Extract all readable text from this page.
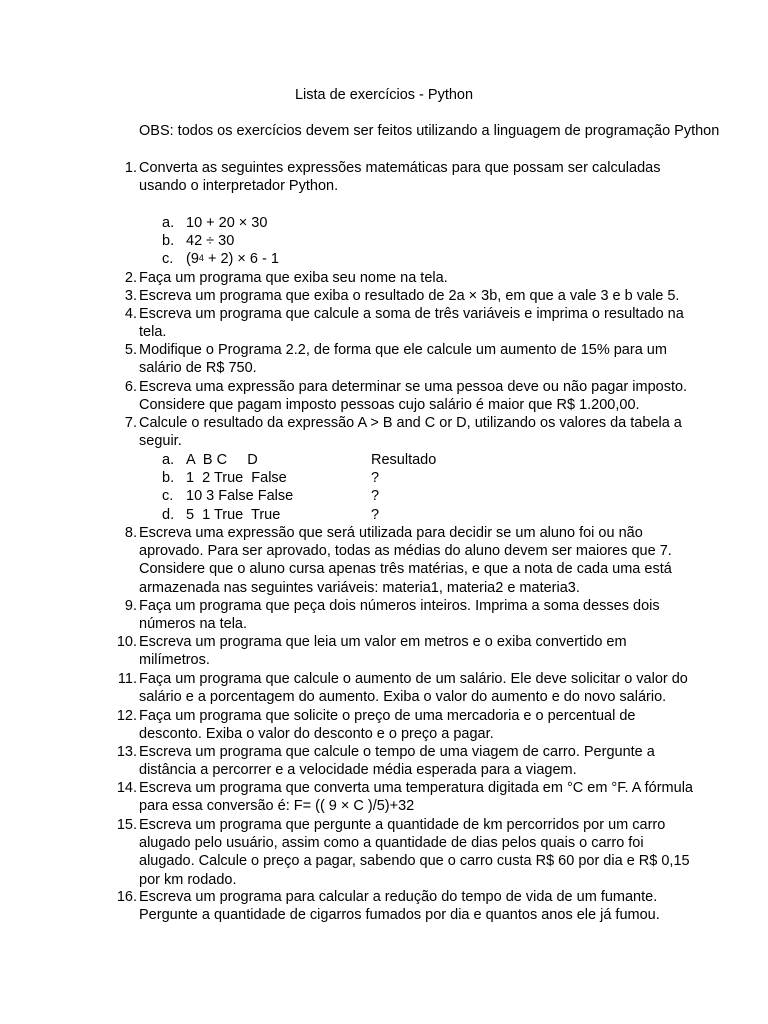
Lista de exercícios - Python
OBS: todos os exercícios devem ser feitos utilizando a linguagem de programação Python
1. Converta as seguintes expressões matemáticas para que possam ser calculadas
usando o interpretador Python.
a. 10 + 20 × 30
b. 42 ÷ 30
c. $(9^4 + 2) \times 6 - 1$
2. Faça um programa que exiba seu nome na tela.
3. Escreva um programa que exiba o resultado de 2a × 3b, em que a vale 3 e b vale 5.
4. Escreva um programa que calcule a soma de três variáveis e imprima o resultado na
tela.
5. Modifique o Programa 2.2, de forma que ele calcule um aumento de 15% para um
salário de R$ 750.
6. Escreva uma expressão para determinar se uma pessoa deve ou não pagar imposto.
Considere que pagam imposto pessoas cujo salário é maior que R$ 1.200,00.
7. Calcule o resultado da expressão A > B and C or D, utilizando os valores da tabela a
seguir.
a. A  B C     D	Resultado
b. 1  2 True  False	?
c. 10 3 False False	?
d. 5  1 True  True	?
8. Escreva uma expressão que será utilizada para decidir se um aluno foi ou não
aprovado. Para ser aprovado, todas as médias do aluno devem ser maiores que 7.
Considere que o aluno cursa apenas três matérias, e que a nota de cada uma está
armazenada nas seguintes variáveis: materia1, materia2 e materia3.
9. Faça um programa que peça dois números inteiros. Imprima a soma desses dois
números na tela.
10. Escreva um programa que leia um valor em metros e o exiba convertido em
milímetros.
11. Faça um programa que calcule o aumento de um salário. Ele deve solicitar o valor do
salário e a porcentagem do aumento. Exiba o valor do aumento e do novo salário.
12. Faça um programa que solicite o preço de uma mercadoria e o percentual de
desconto. Exiba o valor do desconto e o preço a pagar.
13. Escreva um programa que calcule o tempo de uma viagem de carro. Pergunte a
distância a percorrer e a velocidade média esperada para a viagem.
14. Escreva um programa que converta uma temperatura digitada em °C em °F. A fórmula
para essa conversão é: F= (( 9 × C )/5)+32
15. Escreva um programa que pergunte a quantidade de km percorridos por um carro
alugado pelo usuário, assim como a quantidade de dias pelos quais o carro foi
alugado. Calcule o preço a pagar, sabendo que o carro custa R$ 60 por dia e R$ 0,15
por km rodado.
16. Escreva um programa para calcular a redução do tempo de vida de um fumante.
Pergunte a quantidade de cigarros fumados por dia e quantos anos ele já fumou.
